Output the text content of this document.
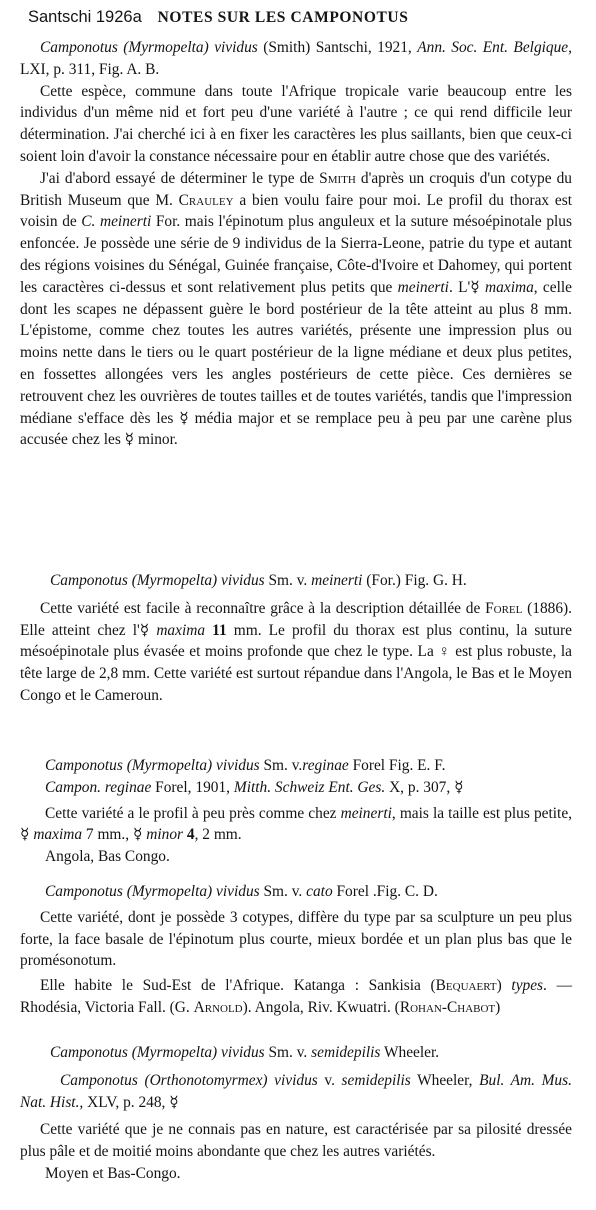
Santschi 1926a NOTES SUR LES CAMPONOTUS

Camponotus (Myrmopelta) vividus (Smith) Santschi, 1921, Ann. Soc. Ent. Belgique, LXI, p. 311, Fig. A. B.

Cette espèce, commune dans toute l'Afrique tropicale varie beaucoup entre les individus d'un même nid et fort peu d'une variété à l'autre ; ce qui rend difficile leur détermination. J'ai cherché ici à en fixer les caractères les plus saillants, bien que ceux-ci soient loin d'avoir la constance nécessaire pour en établir autre chose que des variétés.

J'ai d'abord essayé de déterminer le type de Smith d'après un croquis d'un cotype du British Museum que M. Crauley a bien voulu faire pour moi. Le profil du thorax est voisin de C. meinerti For. mais l'épinotum plus anguleux et la suture mésoépinotale plus enfoncée. Je possède une série de 9 individus de la Sierra-Leone, patrie du type et autant des régions voisines du Sénégal, Guinée française, Côte-d'Ivoire et Dahomey, qui portent les caractères ci-dessus et sont relativement plus petits que meinerti. L'☿ maxima, celle dont les scapes ne dépassent guère le bord postérieur de la tête atteint au plus 8 mm. L'épistome, comme chez toutes les autres variétés, présente une impression plus ou moins nette dans le tiers ou le quart postérieur de la ligne médiane et deux plus petites, en fossettes allongées vers les angles postérieurs de cette pièce. Ces dernières se retrouvent chez les ouvrières de toutes tailles et de toutes variétés, tandis que l'impression médiane s'efface dès les ☿ média major et se remplace peu à peu par une carène plus accusée chez les ☿ minor.

Camponotus (Myrmopelta) vividus Sm. v. meinerti (For.) Fig. G. H.

Cette variété est facile à reconnaître grâce à la description détaillée de Forel (1886). Elle atteint chez l'☿ maxima 11 mm. Le profil du thorax est plus continu, la suture mésoépinotale plus évasée et moins profonde que chez le type. La ♀ est plus robuste, la tête large de 2,8 mm. Cette variété est surtout répandue dans l'Angola, le Bas et le Moyen Congo et le Cameroun.

Camponotus (Myrmopelta) vividus Sm. v.reginae Forel Fig. E. F.

Campon. reginae Forel, 1901, Mitth. Schweiz Ent. Ges. X, p. 307, ☿

Cette variété a le profil à peu près comme chez meinerti, mais la taille est plus petite, ☿ maxima 7 mm., ☿ minor 4, 2 mm.

Angola, Bas Congo.

Camponotus (Myrmopelta) vividus Sm. v. cato Forel .Fig. C. D.

Cette variété, dont je possède 3 cotypes, diffère du type par sa sculpture un peu plus forte, la face basale de l'épinotum plus courte, mieux bordée et un plan plus bas que le promésonotum.

Elle habite le Sud-Est de l'Afrique. Katanga : Sankisia (Bequaert) types. — Rhodésia, Victoria Fall. (G. Arnold). Angola, Riv. Kwuatri. (Rohan-Chabot)

Camponotus (Myrmopelta) vividus Sm. v. semidepilis Wheeler.

Camponotus (Orthonotomyrmex) vividus v. semidepilis Wheeler, Bul. Am. Mus. Nat. Hist., XLV, p. 248, ☿

Cette variété que je ne connais pas en nature, est caractérisée par sa pilosité dressée plus pâle et de moitié moins abondante que chez les autres variétés.

Moyen et Bas-Congo.
